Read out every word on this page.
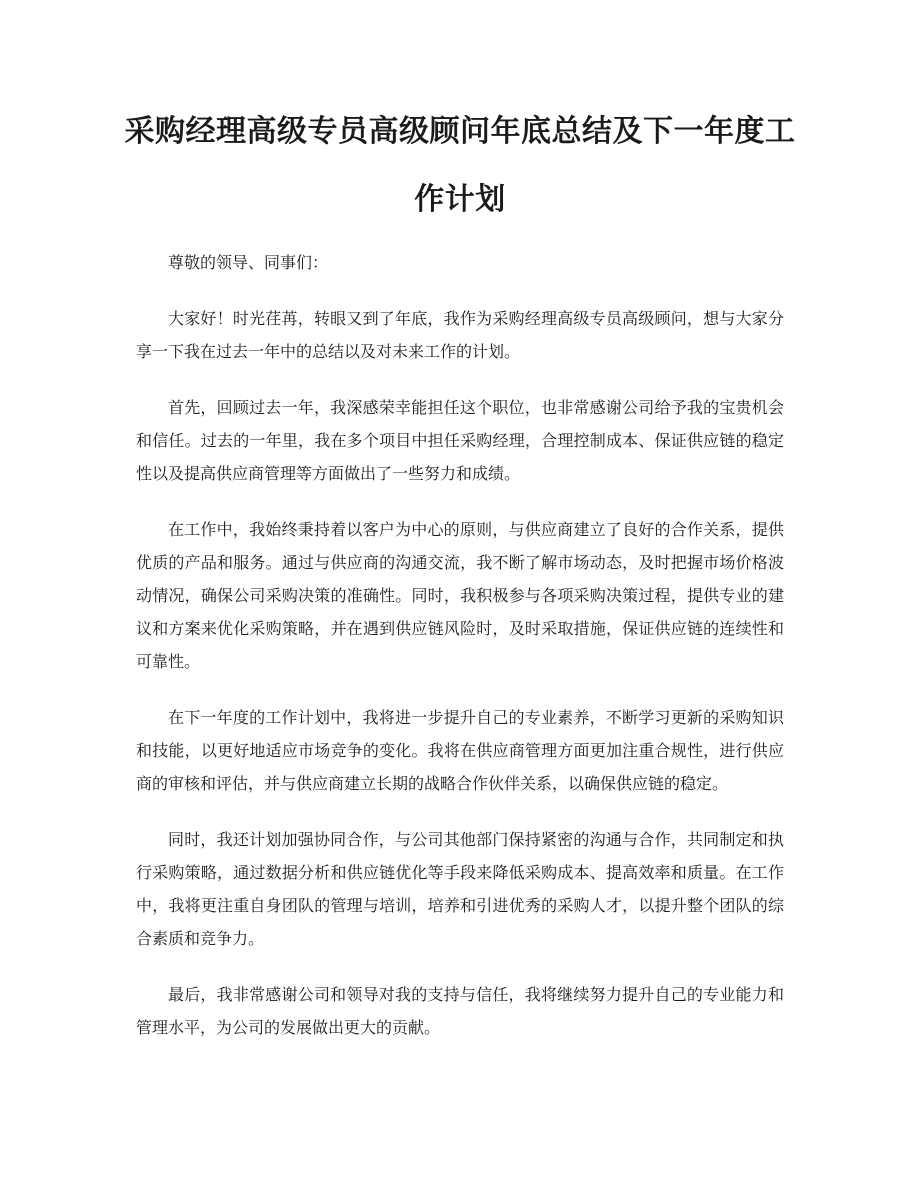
采购经理高级专员高级顾问年底总结及下一年度工作计划

尊敬的领导、同事们：

大家好！时光荏苒，转眼又到了年底，我作为采购经理高级专员高级顾问，想与大家分享一下我在过去一年中的总结以及对未来工作的计划。

首先，回顾过去一年，我深感荣幸能担任这个职位，也非常感谢公司给予我的宝贵机会和信任。过去的一年里，我在多个项目中担任采购经理，合理控制成本、保证供应链的稳定性以及提高供应商管理等方面做出了一些努力和成绩。

在工作中，我始终秉持着以客户为中心的原则，与供应商建立了良好的合作关系，提供优质的产品和服务。通过与供应商的沟通交流，我不断了解市场动态，及时把握市场价格波动情况，确保公司采购决策的准确性。同时，我积极参与各项采购决策过程，提供专业的建议和方案来优化采购策略，并在遇到供应链风险时，及时采取措施，保证供应链的连续性和可靠性。

在下一年度的工作计划中，我将进一步提升自己的专业素养，不断学习更新的采购知识和技能，以更好地适应市场竞争的变化。我将在供应商管理方面更加注重合规性，进行供应商的审核和评估，并与供应商建立长期的战略合作伙伴关系，以确保供应链的稳定。

同时，我还计划加强协同合作，与公司其他部门保持紧密的沟通与合作，共同制定和执行采购策略，通过数据分析和供应链优化等手段来降低采购成本、提高效率和质量。在工作中，我将更注重自身团队的管理与培训，培养和引进优秀的采购人才，以提升整个团队的综合素质和竞争力。

最后，我非常感谢公司和领导对我的支持与信任，我将继续努力提升自己的专业能力和管理水平，为公司的发展做出更大的贡献。
